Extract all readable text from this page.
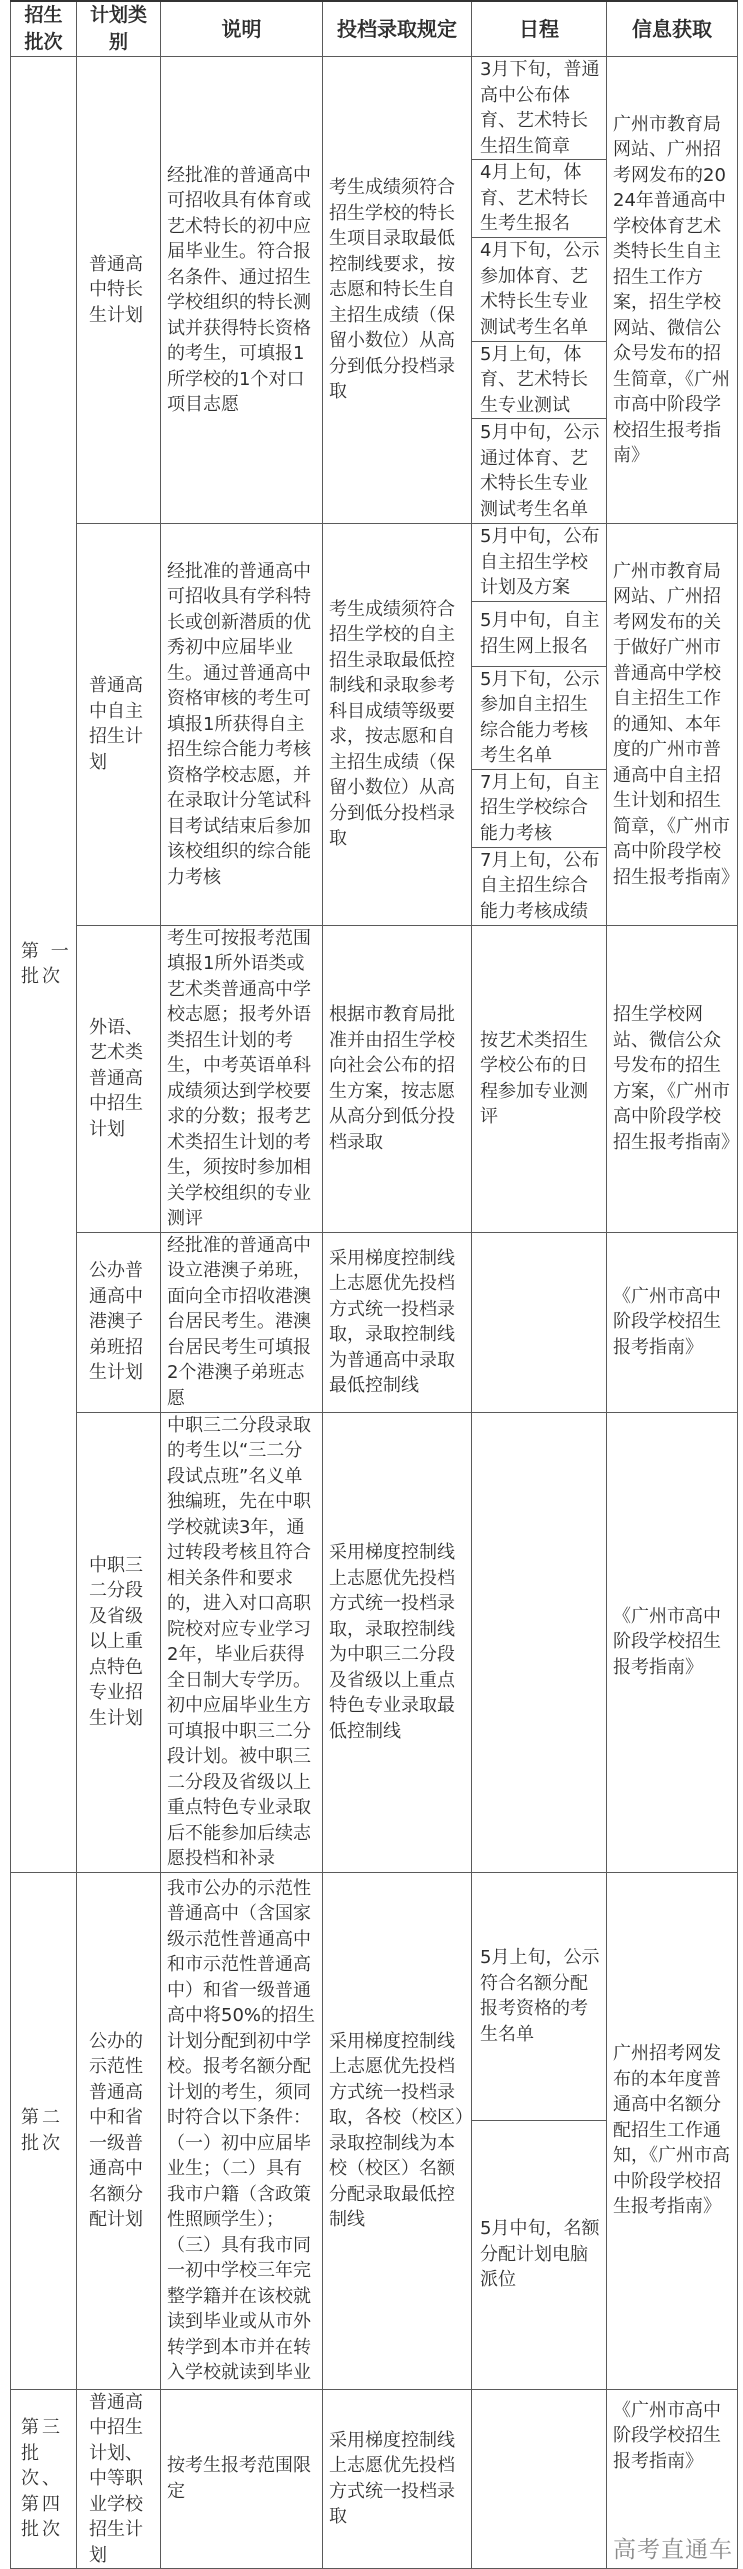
招生批次	计划类别	说明	投档录取规定	日程	信息获取
第 一 批次	普通高中特长生计划	经批准的普通高中可招收具有体育或艺术特长的初中应届毕业生。符合报名条件、通过招生学校组织的特长测试并获得特长资格的考生，可填报1所学校的1个对口项目志愿	考生成绩须符合招生学校的特长生项目录取最低控制线要求，按志愿和特长生自主招生成绩（保留小数位）从高分到低分投档录取	3月下旬，普通高中公布体育、艺术特长生招生简章
4月上旬，体育、艺术特长生考生报名
4月下旬，公示参加体育、艺术特长生专业测试考生名单
5月上旬，体育、艺术特长生专业测试
5月中旬，公示通过体育、艺术特长生专业测试考生名单	广州市教育局网站、广州招考网发布的2024年普通高中学校体育艺术类特长生自主招生工作方案，招生学校网站、微信公众号发布的招生简章，《广州市高中阶段学校招生报考指南》
	普通高中自主招生计划	经批准的普通高中可招收具有学科特长或创新潜质的优秀初中应届毕业生。通过普通高中资格审核的考生可填报1所获得自主招生综合能力考核资格学校志愿，并在录取计分笔试科目考试结束后参加该校组织的综合能力考核	考生成绩须符合招生学校的自主招生录取最低控制线和录取参考科目成绩等级要求，按志愿和自主招生成绩（保留小数位）从高分到低分投档录取	5月中旬，公布自主招生学校计划及方案
5月中旬，自主招生网上报名
5月下旬，公示参加自主招生综合能力考核考生名单
7月上旬，自主招生学校综合能力考核
7月上旬，公布自主招生综合能力考核成绩	广州市教育局网站、广州招考网发布的关于做好广州市普通高中学校自主招生工作的通知、本年度的广州市普通高中自主招生计划和招生简章，《广州市高中阶段学校招生报考指南》
	外语、艺术类普通高中招生计划	考生可按报考范围填报1所外语类或艺术类普通高中学校志愿；报考外语类招生计划的考生，中考英语单科成绩须达到学校要求的分数；报考艺术类招生计划的考生，须按时参加相关学校组织的专业测评	根据市教育局批准并由招生学校向社会公布的招生方案，按志愿从高分到低分投档录取	按艺术类招生学校公布的日程参加专业测评	招生学校网站、微信公众号发布的招生方案，《广州市高中阶段学校招生报考指南》
	公办普通高中港澳子弟班招生计划	经批准的普通高中设立港澳子弟班，面向全市招收港澳台居民考生。港澳台居民考生可填报2个港澳子弟班志愿	采用梯度控制线上志愿优先投档方式统一投档录取，录取控制线为普通高中录取最低控制线		《广州市高中阶段学校招生报考指南》
	中职三二分段及省级以上重点特色专业招生计划	中职三二分段录取的考生以“三二分段试点班”名义单独编班，先在中职学校就读3年，通过转段考核且符合相关条件和要求的，进入对口高职院校对应专业学习2年，毕业后获得全日制大专学历。初中应届毕业生方可填报中职三二分段计划。被中职三二分段及省级以上重点特色专业录取后不能参加后续志愿投档和补录	采用梯度控制线上志愿优先投档方式统一投档录取，录取控制线为中职三二分段及省级以上重点特色专业录取最低控制线		《广州市高中阶段学校招生报考指南》
第二批次	公办的示范性普通高中和省一级普通高中名额分配计划	我市公办的示范性普通高中（含国家级示范性普通高中和市示范性普通高中）和省一级普通高中将50%的招生计划分配到初中学校。报考名额分配计划的考生，须同时符合以下条件：（一）初中应届毕业生；（二）具有我市户籍（含政策性照顾学生）；（三）具有我市同一初中学校三年完整学籍并在该校就读到毕业或从市外转学到本市并在转入学校就读到毕业	采用梯度控制线上志愿优先投档方式统一投档录取，各校（校区）录取控制线为本校（校区）名额分配录取最低控制线	5月上旬，公示符合名额分配报考资格的考生名单
5月中旬，名额分配计划电脑派位	广州招考网发布的本年度普通高中名额分配招生工作通知，《广州市高中阶段学校招生报考指南》
第三批次、第四批次	普通高中招生计划、中等职业学校招生计划	按考生报考范围限定	采用梯度控制线上志愿优先投档方式统一投档录取		《广州市高中阶段学校招生报考指南》
高考直通车
